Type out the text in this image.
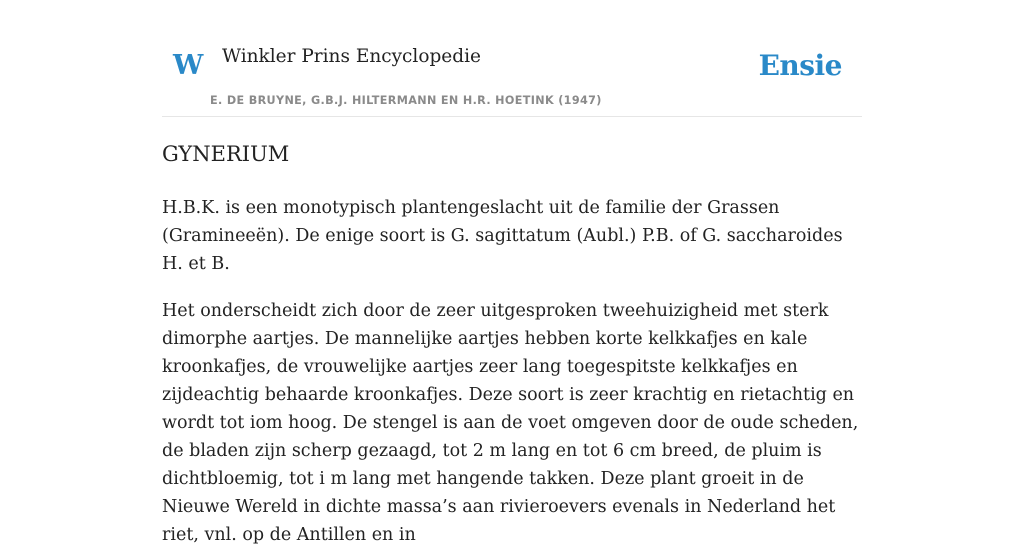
W Winkler Prins Encyclopedie
E. DE BRUYNE, G.B.J. HILTERMANN EN H.R. HOETINK (1947)
Ensie
GYNERIUM

H.B.K. is een monotypisch plantengeslacht uit de familie der Grassen (Gramineeën). De enige soort is G. sagittatum (Aubl.) P.B. of G. saccharoides H. et B.

Het onderscheidt zich door de zeer uitgesproken tweehuizigheid met sterk dimorphe aartjes. De mannelijke aartjes hebben korte kelkkafjes en kale kroonkafjes, de vrouwelijke aartjes zeer lang toegespitste kelkkafjes en zijdeachtig behaarde kroonkafjes. Deze soort is zeer krachtig en rietachtig en wordt tot iom hoog. De stengel is aan de voet omgeven door de oude scheden, de bladen zijn scherp gezaagd, tot 2 m lang en tot 6 cm breed, de pluim is dichtbloemig, tot i m lang met hangende takken. Deze plant groeit in de Nieuwe Wereld in dichte massa’s aan rivieroevers evenals in Nederland het riet, vnl. op de Antillen en in
